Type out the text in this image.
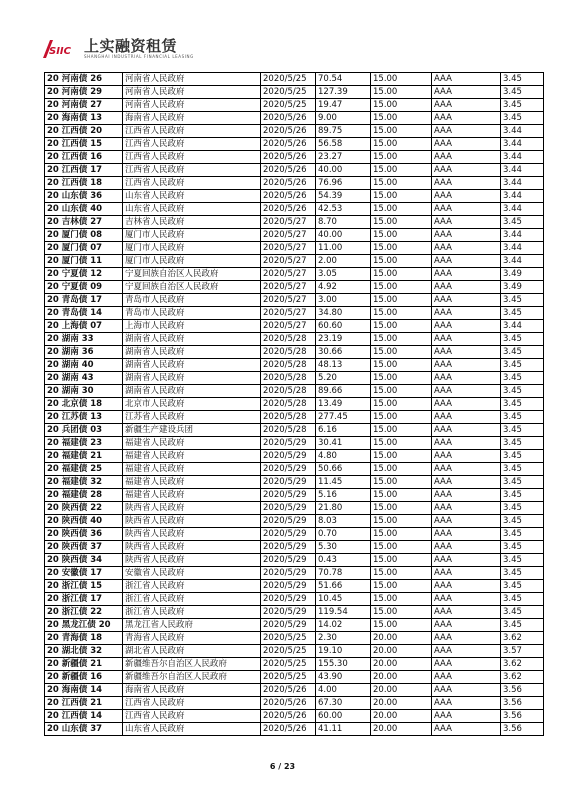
SIIC 上实融资租赁
SHANGHAI INDUSTRIAL FINANCIAL LEASING
20 河南债 26	河南省人民政府	2020/5/25	70.54	15.00	AAA	3.45
20 河南债 29	河南省人民政府	2020/5/25	127.39	15.00	AAA	3.45
20 河南债 27	河南省人民政府	2020/5/25	19.47	15.00	AAA	3.45
20 海南债 13	海南省人民政府	2020/5/26	9.00	15.00	AAA	3.45
20 江西债 20	江西省人民政府	2020/5/26	89.75	15.00	AAA	3.44
20 江西债 15	江西省人民政府	2020/5/26	56.58	15.00	AAA	3.44
20 江西债 16	江西省人民政府	2020/5/26	23.27	15.00	AAA	3.44
20 江西债 17	江西省人民政府	2020/5/26	40.00	15.00	AAA	3.44
20 江西债 18	江西省人民政府	2020/5/26	76.96	15.00	AAA	3.44
20 山东债 36	山东省人民政府	2020/5/26	54.39	15.00	AAA	3.44
20 山东债 40	山东省人民政府	2020/5/26	42.53	15.00	AAA	3.44
20 吉林债 27	吉林省人民政府	2020/5/27	8.70	15.00	AAA	3.45
20 厦门债 08	厦门市人民政府	2020/5/27	40.00	15.00	AAA	3.44
20 厦门债 07	厦门市人民政府	2020/5/27	11.00	15.00	AAA	3.44
20 厦门债 11	厦门市人民政府	2020/5/27	2.00	15.00	AAA	3.44
20 宁夏债 12	宁夏回族自治区人民政府	2020/5/27	3.05	15.00	AAA	3.49
20 宁夏债 09	宁夏回族自治区人民政府	2020/5/27	4.92	15.00	AAA	3.49
20 青岛债 17	青岛市人民政府	2020/5/27	3.00	15.00	AAA	3.45
20 青岛债 14	青岛市人民政府	2020/5/27	34.80	15.00	AAA	3.45
20 上海债 07	上海市人民政府	2020/5/27	60.60	15.00	AAA	3.44
20 湖南 33	湖南省人民政府	2020/5/28	23.19	15.00	AAA	3.45
20 湖南 36	湖南省人民政府	2020/5/28	30.66	15.00	AAA	3.45
20 湖南 40	湖南省人民政府	2020/5/28	48.13	15.00	AAA	3.45
20 湖南 43	湖南省人民政府	2020/5/28	5.20	15.00	AAA	3.45
20 湖南 30	湖南省人民政府	2020/5/28	89.66	15.00	AAA	3.45
20 北京债 18	北京市人民政府	2020/5/28	13.49	15.00	AAA	3.45
20 江苏债 13	江苏省人民政府	2020/5/28	277.45	15.00	AAA	3.45
20 兵团债 03	新疆生产建设兵团	2020/5/28	6.16	15.00	AAA	3.45
20 福建债 23	福建省人民政府	2020/5/29	30.41	15.00	AAA	3.45
20 福建债 21	福建省人民政府	2020/5/29	4.80	15.00	AAA	3.45
20 福建债 25	福建省人民政府	2020/5/29	50.66	15.00	AAA	3.45
20 福建债 32	福建省人民政府	2020/5/29	11.45	15.00	AAA	3.45
20 福建债 28	福建省人民政府	2020/5/29	5.16	15.00	AAA	3.45
20 陕西债 22	陕西省人民政府	2020/5/29	21.80	15.00	AAA	3.45
20 陕西债 40	陕西省人民政府	2020/5/29	8.03	15.00	AAA	3.45
20 陕西债 36	陕西省人民政府	2020/5/29	0.70	15.00	AAA	3.45
20 陕西债 37	陕西省人民政府	2020/5/29	5.30	15.00	AAA	3.45
20 陕西债 34	陕西省人民政府	2020/5/29	0.43	15.00	AAA	3.45
20 安徽债 17	安徽省人民政府	2020/5/29	70.78	15.00	AAA	3.45
20 浙江债 15	浙江省人民政府	2020/5/29	51.66	15.00	AAA	3.45
20 浙江债 17	浙江省人民政府	2020/5/29	10.45	15.00	AAA	3.45
20 浙江债 22	浙江省人民政府	2020/5/29	119.54	15.00	AAA	3.45
20 黑龙江债 20	黑龙江省人民政府	2020/5/29	14.02	15.00	AAA	3.45
20 青海债 18	青海省人民政府	2020/5/25	2.30	20.00	AAA	3.62
20 湖北债 32	湖北省人民政府	2020/5/25	19.10	20.00	AAA	3.57
20 新疆债 21	新疆维吾尔自治区人民政府	2020/5/25	155.30	20.00	AAA	3.62
20 新疆债 16	新疆维吾尔自治区人民政府	2020/5/25	43.90	20.00	AAA	3.62
20 海南债 14	海南省人民政府	2020/5/26	4.00	20.00	AAA	3.56
20 江西债 21	江西省人民政府	2020/5/26	67.30	20.00	AAA	3.56
20 江西债 14	江西省人民政府	2020/5/26	60.00	20.00	AAA	3.56
20 山东债 37	山东省人民政府	2020/5/26	41.11	20.00	AAA	3.56
6 / 23
